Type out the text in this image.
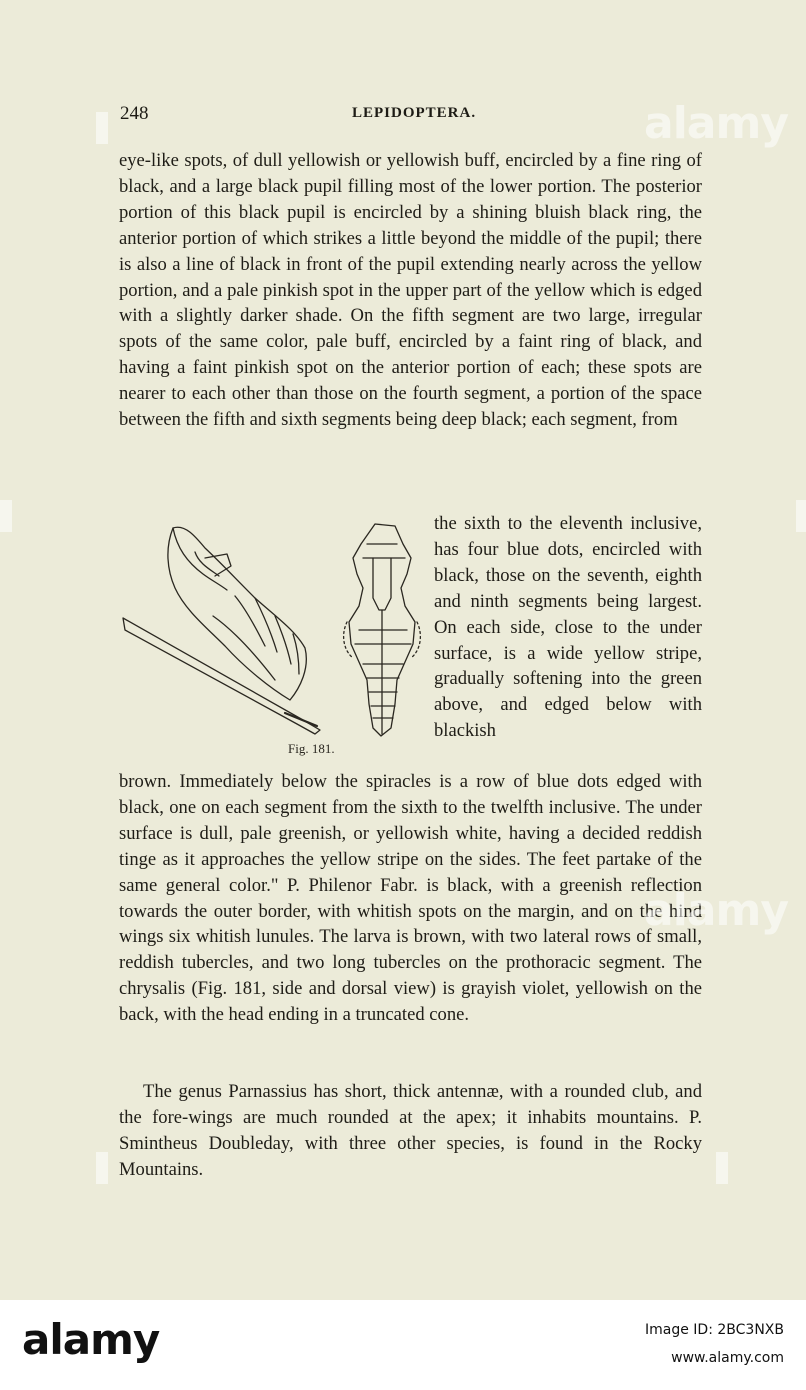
248	LEPIDOPTERA.

eye-like spots, of dull yellowish or yellowish buff, encircled by a fine ring of black, and a large black pupil filling most of the lower portion. The posterior portion of this black pupil is encircled by a shining bluish black ring, the anterior portion of which strikes a little beyond the middle of the pupil; there is also a line of black in front of the pupil extending nearly across the yellow portion, and a pale pinkish spot in the upper part of the yellow which is edged with a slightly darker shade. On the fifth segment are two large, irregular spots of the same color, pale buff, encircled by a faint ring of black, and having a faint pinkish spot on the anterior portion of each; these spots are nearer to each other than those on the fourth segment, a portion of the space between the fifth and sixth segments being deep black; each segment, from

Fig. 181.

the sixth to the eleventh inclusive, has four blue dots, encircled with black, those on the seventh, eighth and ninth segments being largest. On each side, close to the under surface, is a wide yellow stripe, gradually softening into the green above, and edged below with blackish

brown. Immediately below the spiracles is a row of blue dots edged with black, one on each segment from the sixth to the twelfth inclusive. The under surface is dull, pale greenish, or yellowish white, having a decided reddish tinge as it approaches the yellow stripe on the sides. The feet partake of the same general color." P. Philenor Fabr. is black, with a greenish reflection towards the outer border, with whitish spots on the margin, and on the hind wings six whitish lunules. The larva is brown, with two lateral rows of small, reddish tubercles, and two long tubercles on the prothoracic segment. The chrysalis (Fig. 181, side and dorsal view) is grayish violet, yellowish on the back, with the head ending in a truncated cone.

The genus Parnassius has short, thick antennæ, with a rounded club, and the fore-wings are much rounded at the apex; it inhabits mountains. P. Smintheus Doubleday, with three other species, is found in the Rocky Mountains.

alamy
alamy
alamy	Image ID: 2BC3NXB
www.alamy.com
